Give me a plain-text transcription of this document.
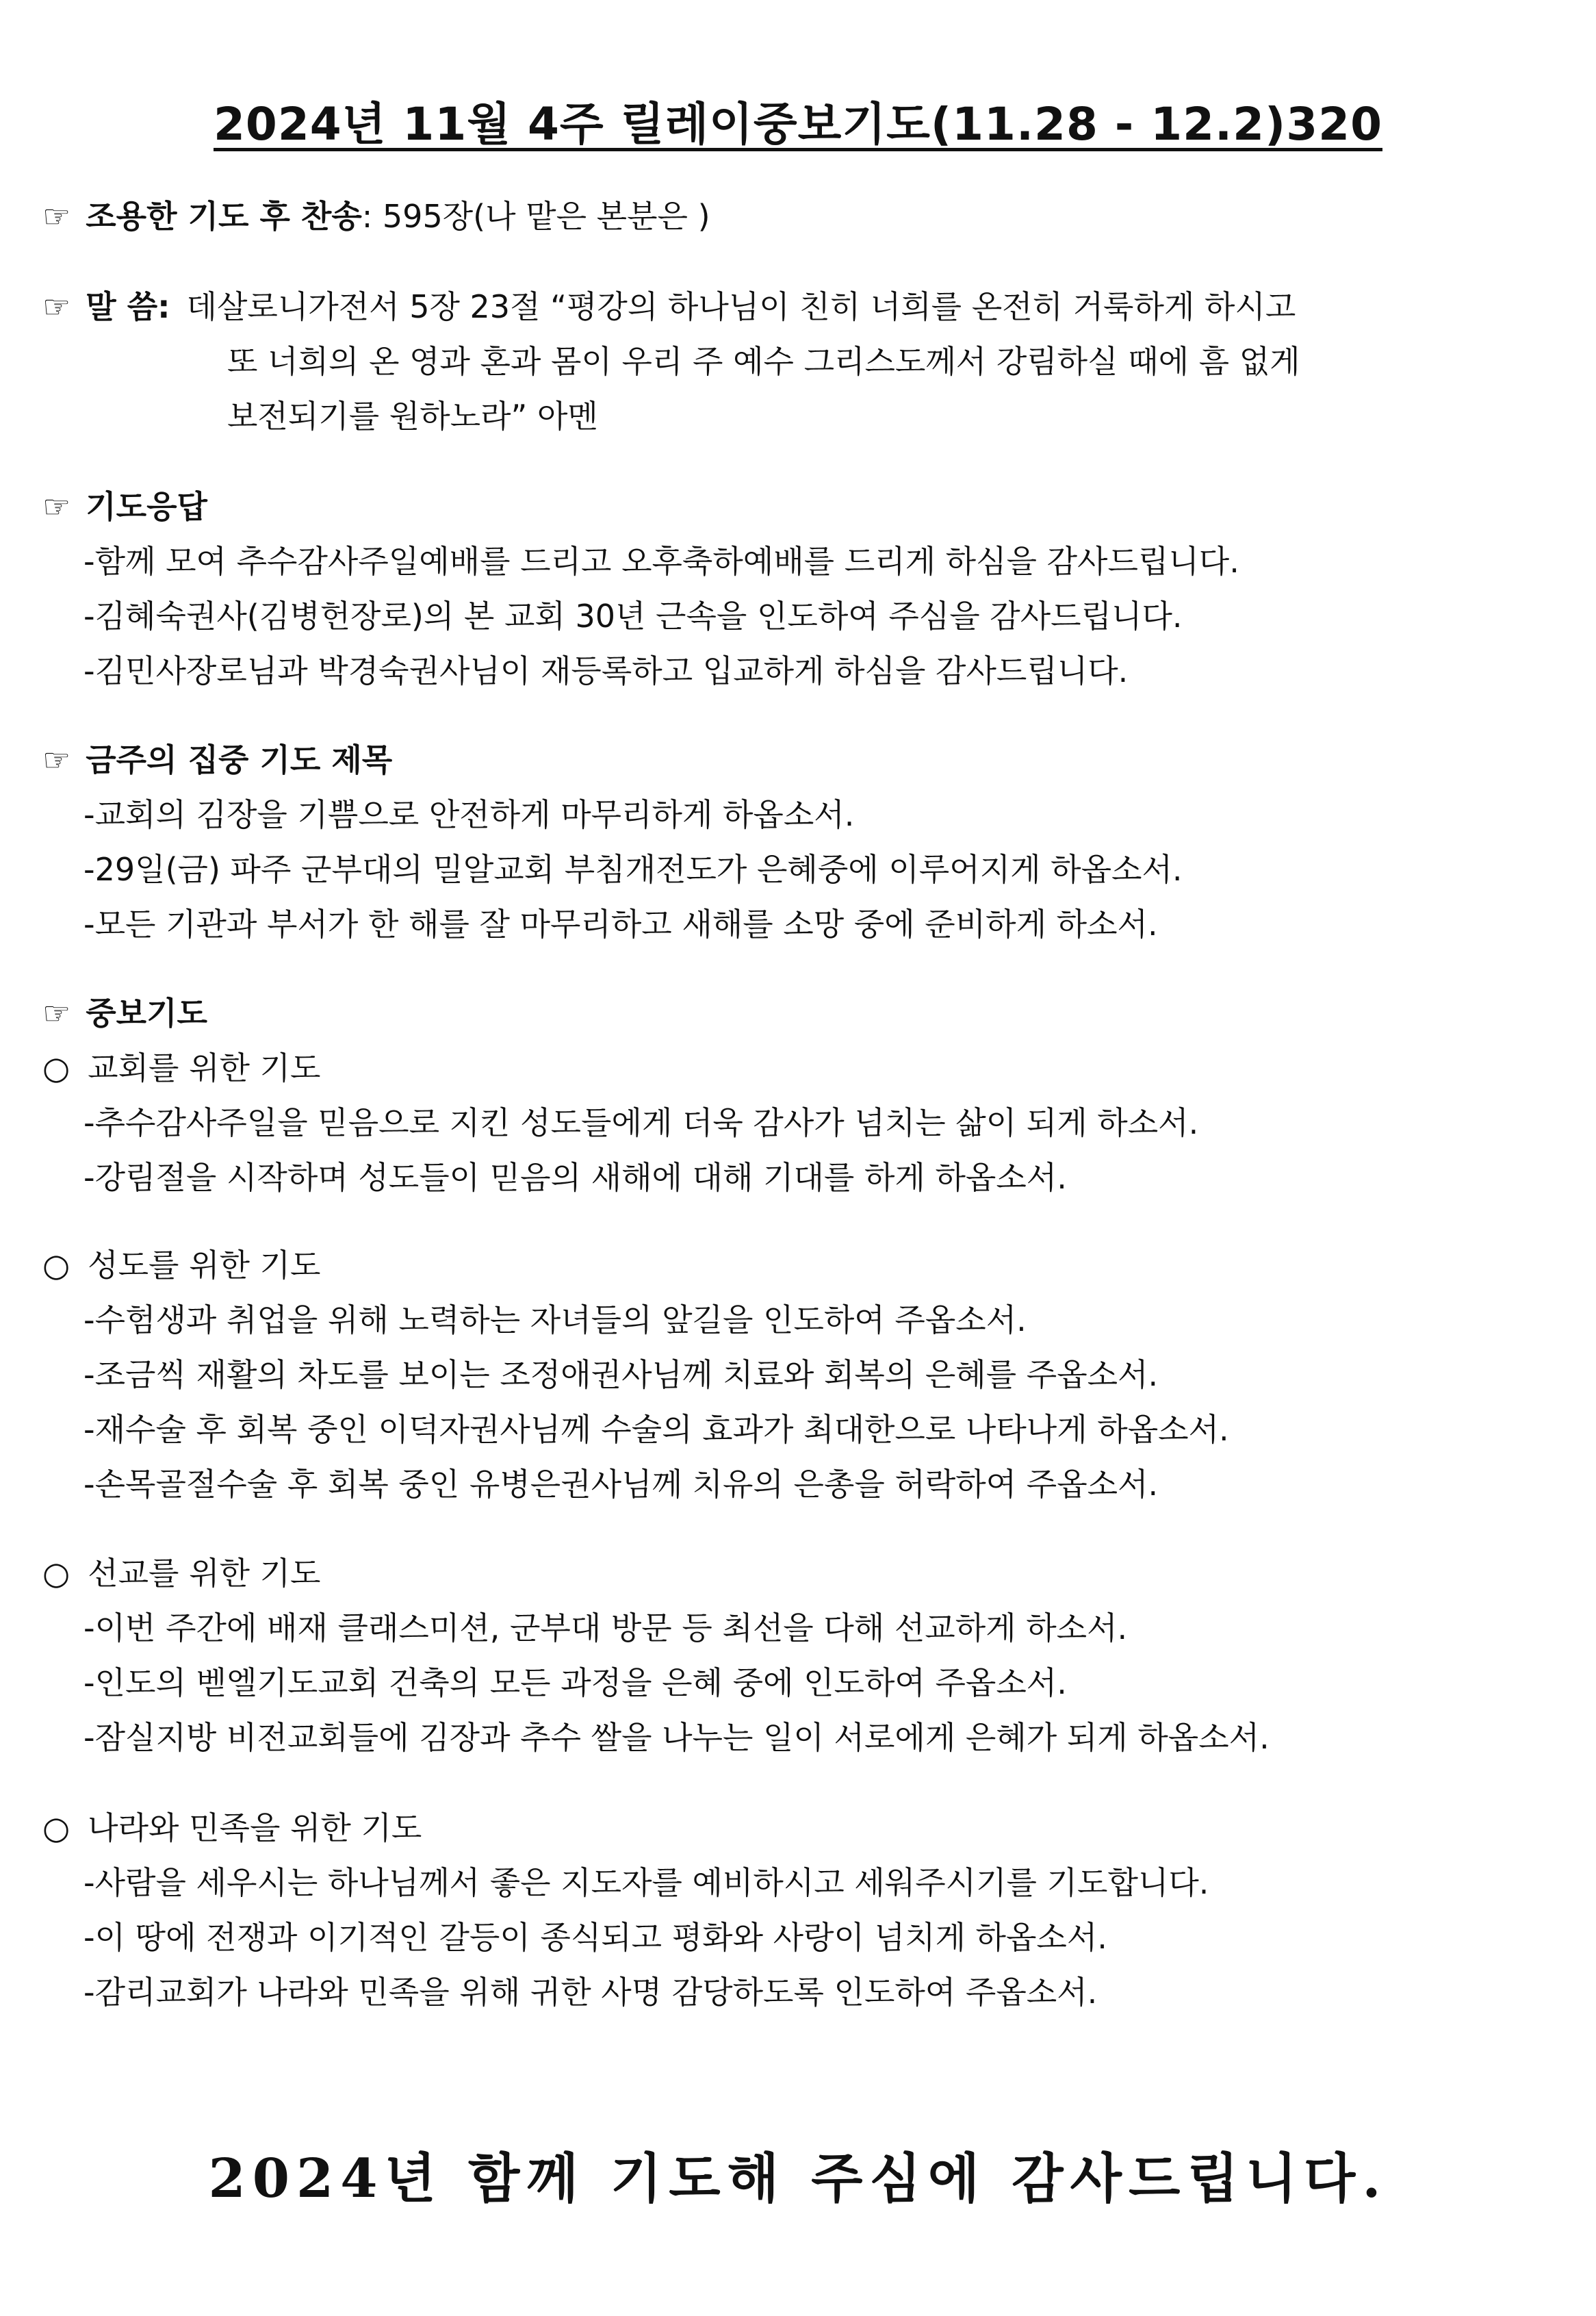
2024년 11월 4주 릴레이중보기도(11.28 - 12.2)320
☞ 조용한 기도 후 찬송: 595장(나 맡은 본분은 )
☞ 말 씀: 데살로니가전서 5장 23절 “평강의 하나님이 친히 너희를 온전히 거룩하게 하시고
또 너희의 온 영과 혼과 몸이 우리 주 예수 그리스도께서 강림하실 때에 흠 없게
보전되기를 원하노라” 아멘
☞ 기도응답
-함께 모여 추수감사주일예배를 드리고 오후축하예배를 드리게 하심을 감사드립니다.
-김혜숙권사(김병헌장로)의 본 교회 30년 근속을 인도하여 주심을 감사드립니다.
-김민사장로님과 박경숙권사님이 재등록하고 입교하게 하심을 감사드립니다.
☞ 금주의 집중 기도 제목
-교회의 김장을 기쁨으로 안전하게 마무리하게 하옵소서.
-29일(금) 파주 군부대의 밀알교회 부침개전도가 은혜중에 이루어지게 하옵소서.
-모든 기관과 부서가 한 해를 잘 마무리하고 새해를 소망 중에 준비하게 하소서.
☞ 중보기도
○ 교회를 위한 기도
-추수감사주일을 믿음으로 지킨 성도들에게 더욱 감사가 넘치는 삶이 되게 하소서.
-강림절을 시작하며 성도들이 믿음의 새해에 대해 기대를 하게 하옵소서.
○ 성도를 위한 기도
-수험생과 취업을 위해 노력하는 자녀들의 앞길을 인도하여 주옵소서.
-조금씩 재활의 차도를 보이는 조정애권사님께 치료와 회복의 은혜를 주옵소서.
-재수술 후 회복 중인 이덕자권사님께 수술의 효과가 최대한으로 나타나게 하옵소서.
-손목골절수술 후 회복 중인 유병은권사님께 치유의 은총을 허락하여 주옵소서.
○ 선교를 위한 기도
-이번 주간에 배재 클래스미션, 군부대 방문 등 최선을 다해 선교하게 하소서.
-인도의 벧엘기도교회 건축의 모든 과정을 은혜 중에 인도하여 주옵소서.
-잠실지방 비전교회들에 김장과 추수 쌀을 나누는 일이 서로에게 은혜가 되게 하옵소서.
○ 나라와 민족을 위한 기도
-사람을 세우시는 하나님께서 좋은 지도자를 예비하시고 세워주시기를 기도합니다.
-이 땅에 전쟁과 이기적인 갈등이 종식되고 평화와 사랑이 넘치게 하옵소서.
-감리교회가 나라와 민족을 위해 귀한 사명 감당하도록 인도하여 주옵소서.
2024년 함께 기도해 주심에 감사드립니다.
